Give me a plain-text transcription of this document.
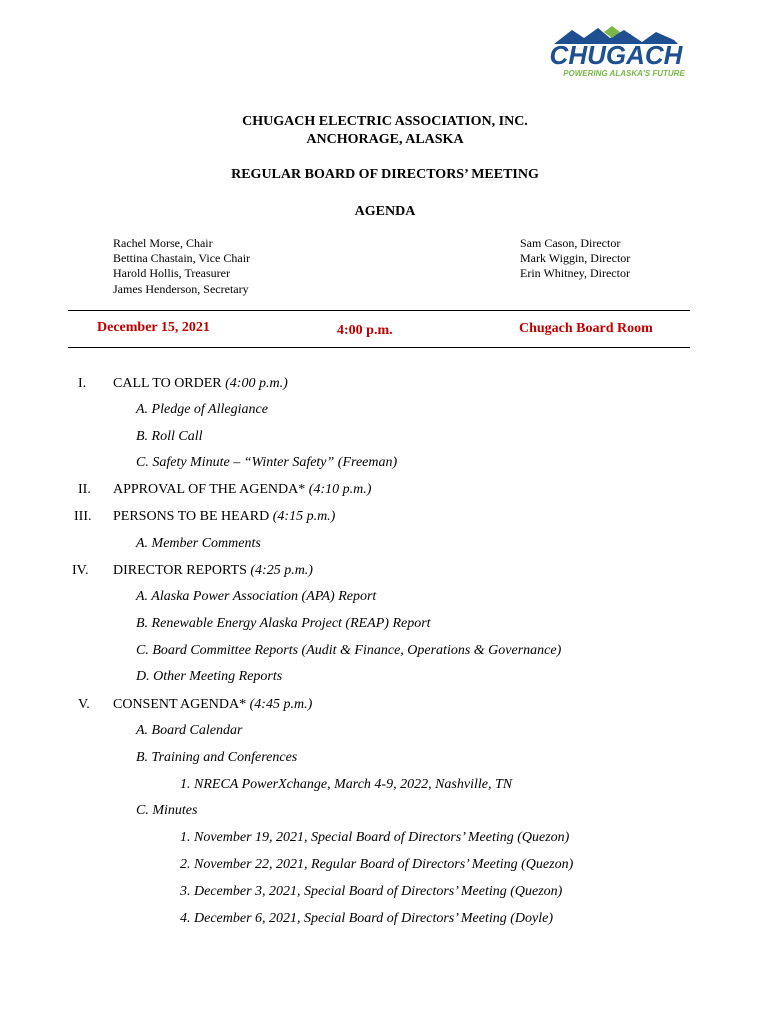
CHUGACH
POWERING ALASKA'S FUTURE
CHUGACH ELECTRIC ASSOCIATION, INC.
ANCHORAGE, ALASKA
REGULAR BOARD OF DIRECTORS’ MEETING
AGENDA
Rachel Morse, Chair
Bettina Chastain, Vice Chair
Harold Hollis, Treasurer
James Henderson, Secretary
Sam Cason, Director
Mark Wiggin, Director
Erin Whitney, Director
December 15, 2021	4:00 p.m.	Chugach Board Room
I. CALL TO ORDER (4:00 p.m.)
A. Pledge of Allegiance
B. Roll Call
C. Safety Minute – “Winter Safety” (Freeman)
II. APPROVAL OF THE AGENDA* (4:10 p.m.)
III. PERSONS TO BE HEARD (4:15 p.m.)
A. Member Comments
IV. DIRECTOR REPORTS (4:25 p.m.)
A. Alaska Power Association (APA) Report
B. Renewable Energy Alaska Project (REAP) Report
C. Board Committee Reports (Audit & Finance, Operations & Governance)
D. Other Meeting Reports
V. CONSENT AGENDA* (4:45 p.m.)
A. Board Calendar
B. Training and Conferences
1. NRECA PowerXchange, March 4-9, 2022, Nashville, TN
C. Minutes
1. November 19, 2021, Special Board of Directors’ Meeting (Quezon)
2. November 22, 2021, Regular Board of Directors’ Meeting (Quezon)
3. December 3, 2021, Special Board of Directors’ Meeting (Quezon)
4. December 6, 2021, Special Board of Directors’ Meeting (Doyle)
